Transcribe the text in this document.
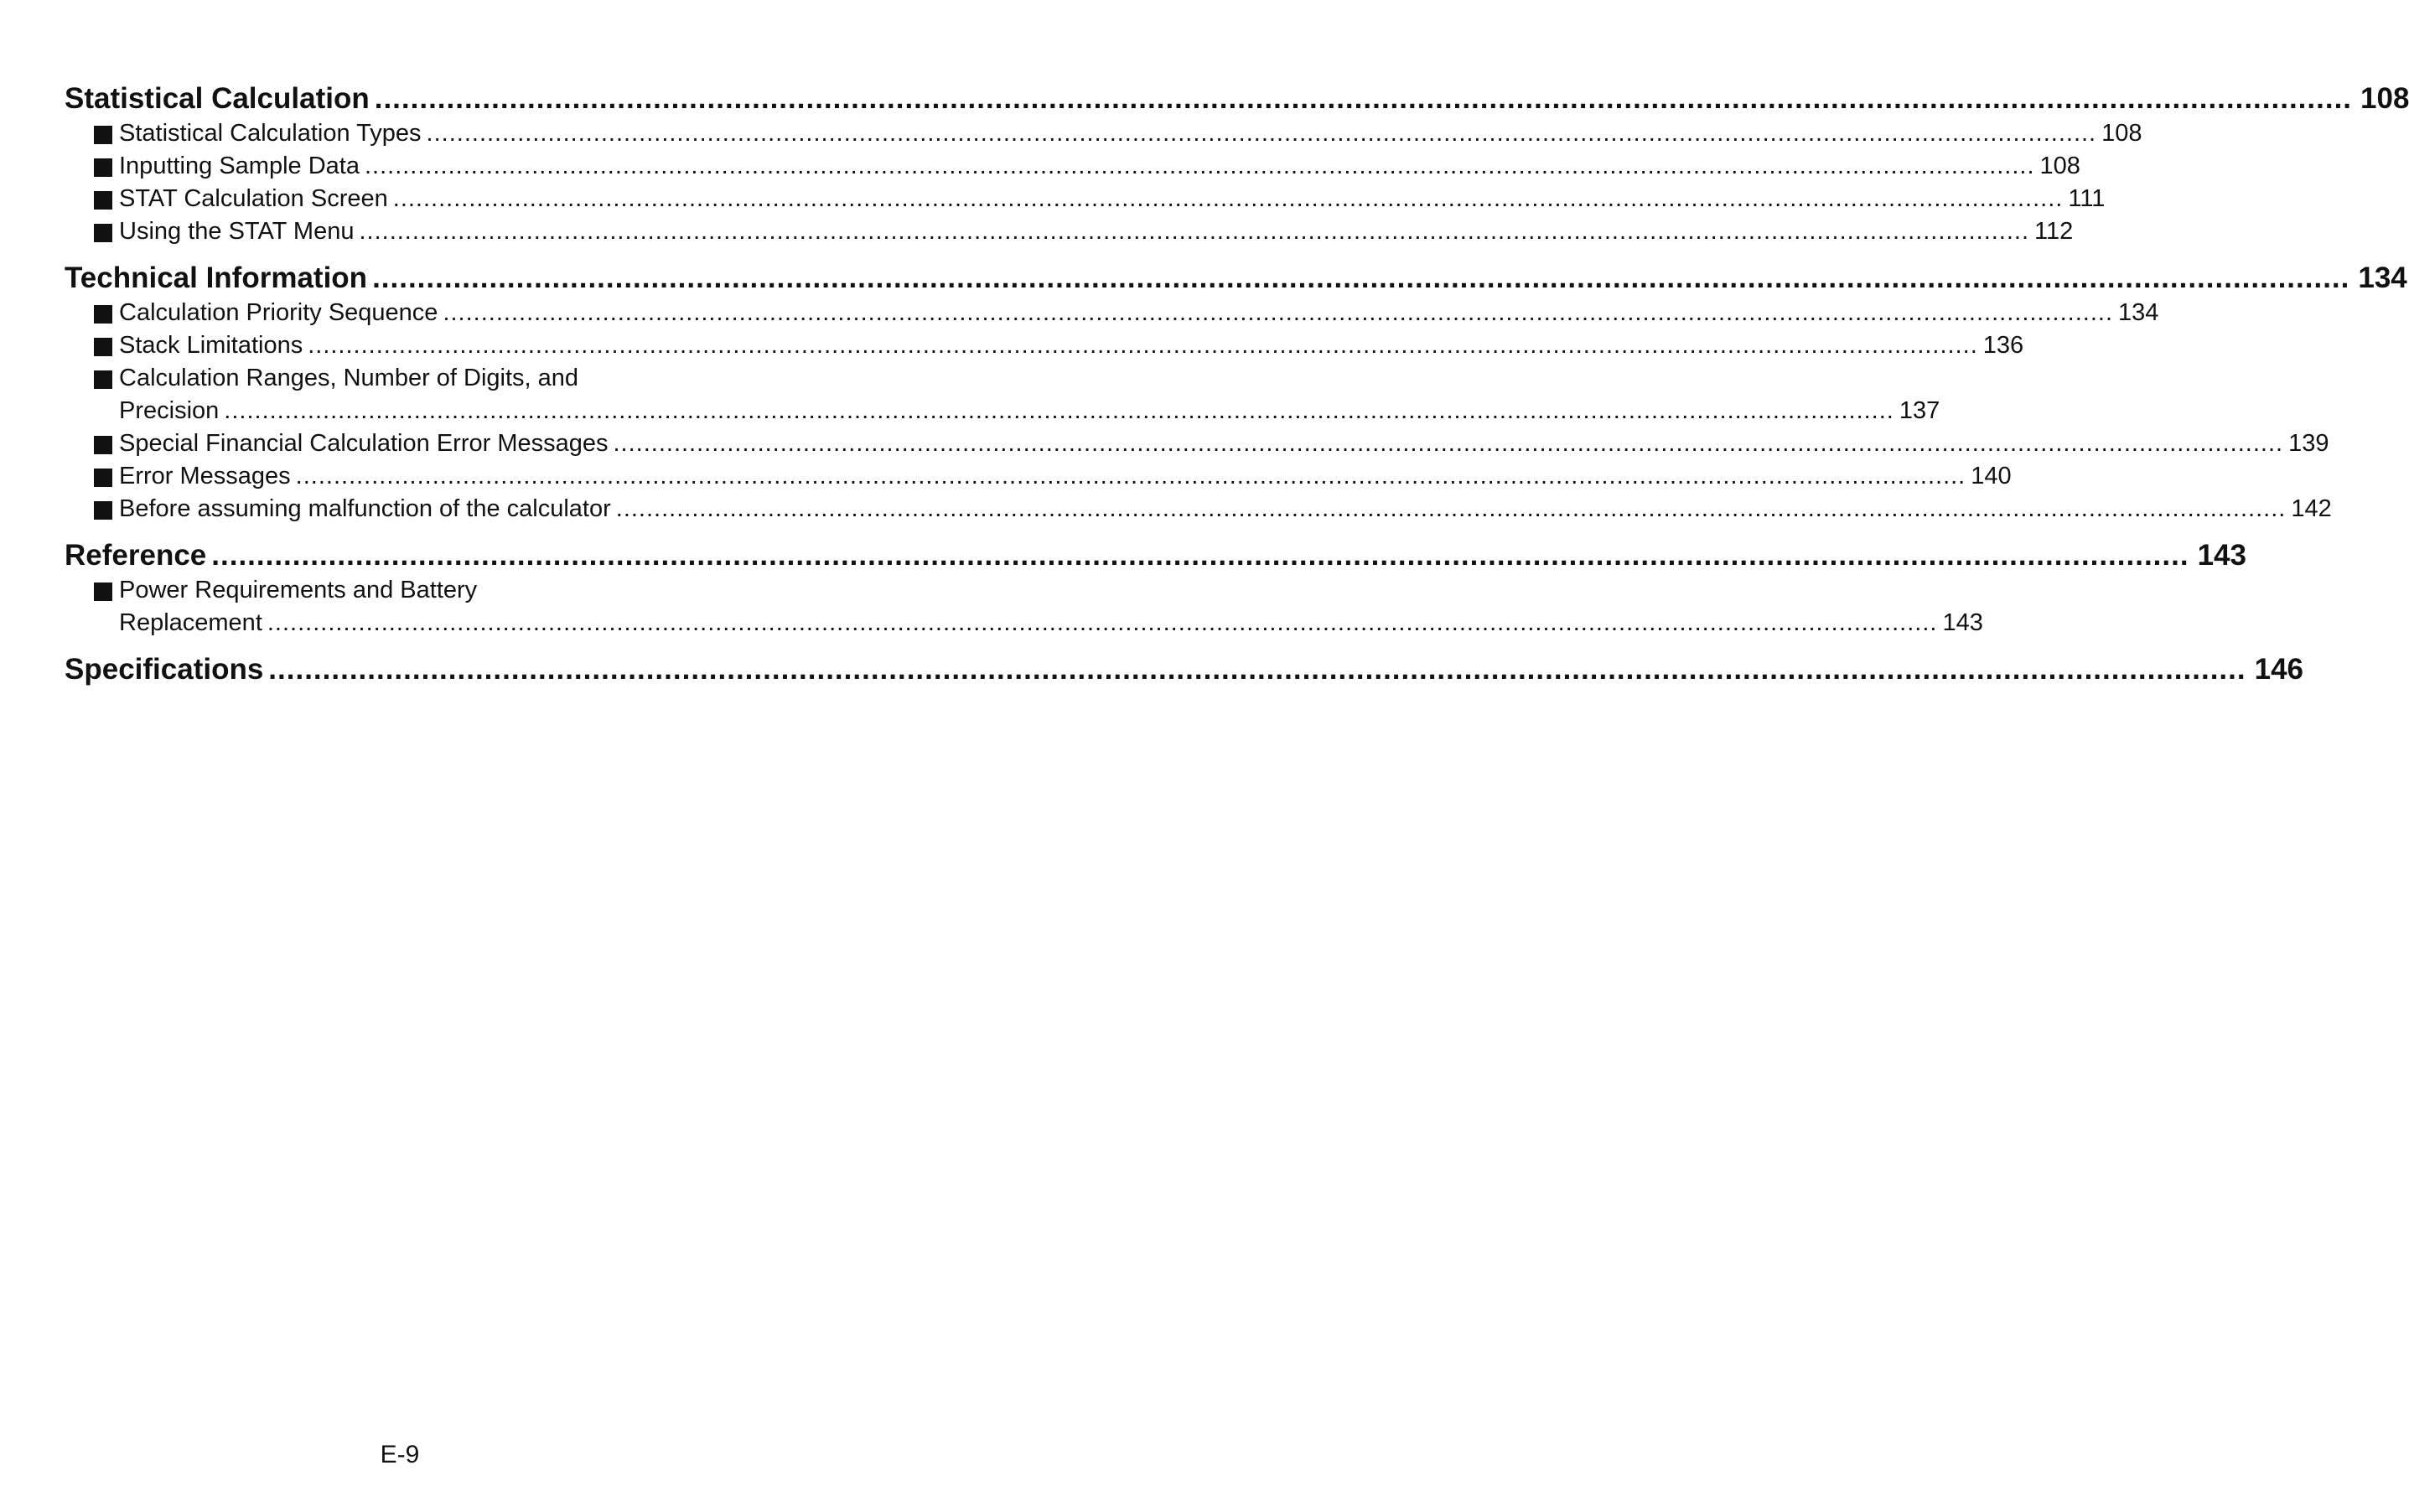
Statistical Calculation ............................................................................................................................................................................................................................ 108
Statistical Calculation Types ............................................................................................................................................................................................................................ 108
Inputting Sample Data ............................................................................................................................................................................................................................ 108
STAT Calculation Screen ............................................................................................................................................................................................................................ 111
Using the STAT Menu ............................................................................................................................................................................................................................ 112
Technical Information ............................................................................................................................................................................................................................ 134
Calculation Priority Sequence ............................................................................................................................................................................................................................ 134
Stack Limitations ............................................................................................................................................................................................................................ 136
Calculation Ranges, Number of Digits, and
Precision ............................................................................................................................................................................................................................ 137
Special Financial Calculation Error Messages ............................................................................................................................................................................................................................ 139
Error Messages ............................................................................................................................................................................................................................ 140
Before assuming malfunction of the calculator ............................................................................................................................................................................................................................ 142
Reference ............................................................................................................................................................................................................................ 143
Power Requirements and Battery
Replacement ............................................................................................................................................................................................................................ 143
Specifications ............................................................................................................................................................................................................................ 146
E-9
